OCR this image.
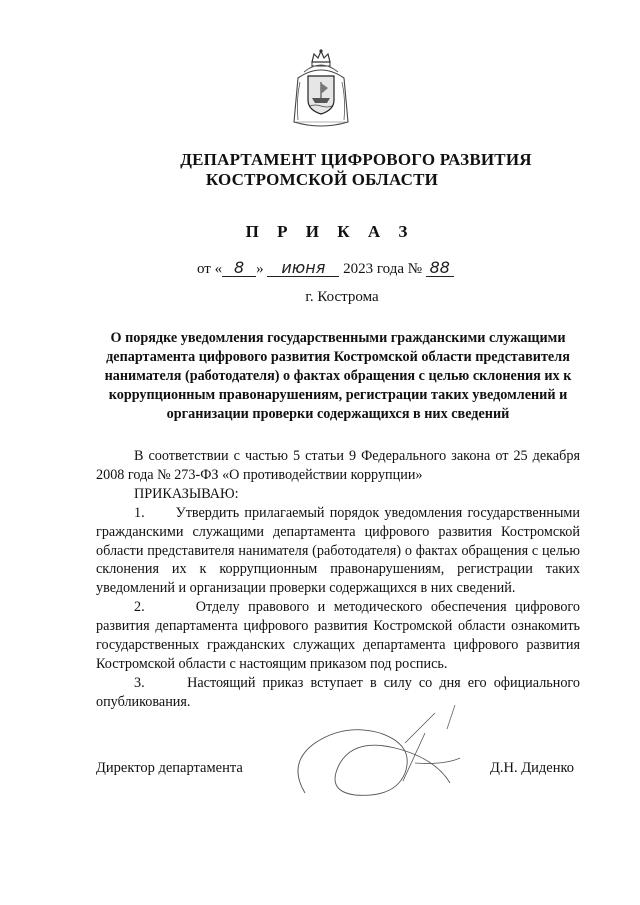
ДЕПАРТАМЕНТ ЦИФРОВОГО РАЗВИТИЯ
КОСТРОМСКОЙ ОБЛАСТИ
П Р И К А З
от « 8 » июня 2023 года № 88
г. Кострома
О порядке уведомления государственными гражданскими служащими департамента цифрового развития Костромской области представителя нанимателя (работодателя) о фактах обращения с целью склонения их к коррупционным правонарушениям, регистрации таких уведомлений и организации проверки содержащихся в них сведений

В соответствии с частью 5 статьи 9 Федерального закона от 25 декабря 2008 года № 273-ФЗ «О противодействии коррупции»

ПРИКАЗЫВАЮ:

1.      Утвердить прилагаемый порядок уведомления государственными гражданскими служащими департамента цифрового развития Костромской области представителя нанимателя (работодателя) о фактах обращения с целью склонения их к коррупционным правонарушениям, регистрации таких уведомлений и организации проверки содержащихся в них сведений.

2.      Отделу правового и методического обеспечения цифрового развития департамента цифрового развития Костромской области ознакомить государственных гражданских служащих департамента цифрового развития Костромской области с настоящим приказом под роспись.

3.      Настоящий приказ вступает в силу со дня его официального опубликования.

Директор департамента	Д.Н. Диденко
